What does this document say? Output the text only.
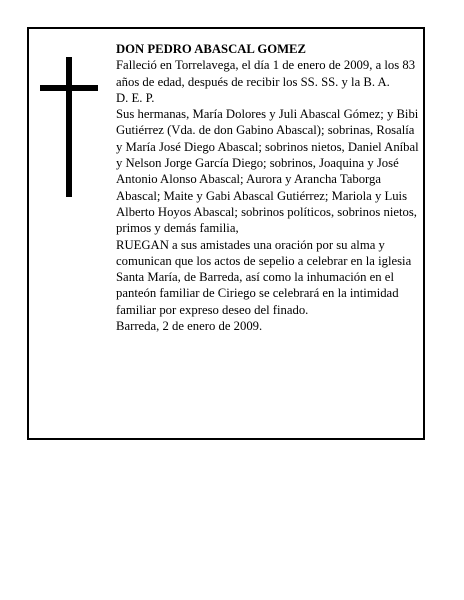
DON PEDRO ABASCAL GOMEZ

Falleció en Torrelavega, el día 1 de enero de 2009, a los 83 años de edad, después de recibir los SS. SS. y la B. A.

D. E. P.

Sus hermanas, María Dolores y Juli Abascal Gómez; y Bibi Gutiérrez (Vda. de don Gabino Abascal); sobrinas, Rosalía y María José Diego Abascal; sobrinos nietos, Daniel Aníbal y Nelson Jorge García Diego; sobrinos, Joaquina y José Antonio Alonso Abascal; Aurora y Arancha Taborga Abascal; Maite y Gabi Abascal Gutiérrez; Mariola y Luis Alberto Hoyos Abascal; sobrinos políticos, sobrinos nietos, primos y demás familia,

RUEGAN a sus amistades una oración por su alma y comunican que los actos de sepelio a celebrar en la iglesia Santa María, de Barreda, así como la inhumación en el panteón familiar de Ciriego se celebrará en la intimidad familiar por expreso deseo del finado.

Barreda, 2 de enero de 2009.
